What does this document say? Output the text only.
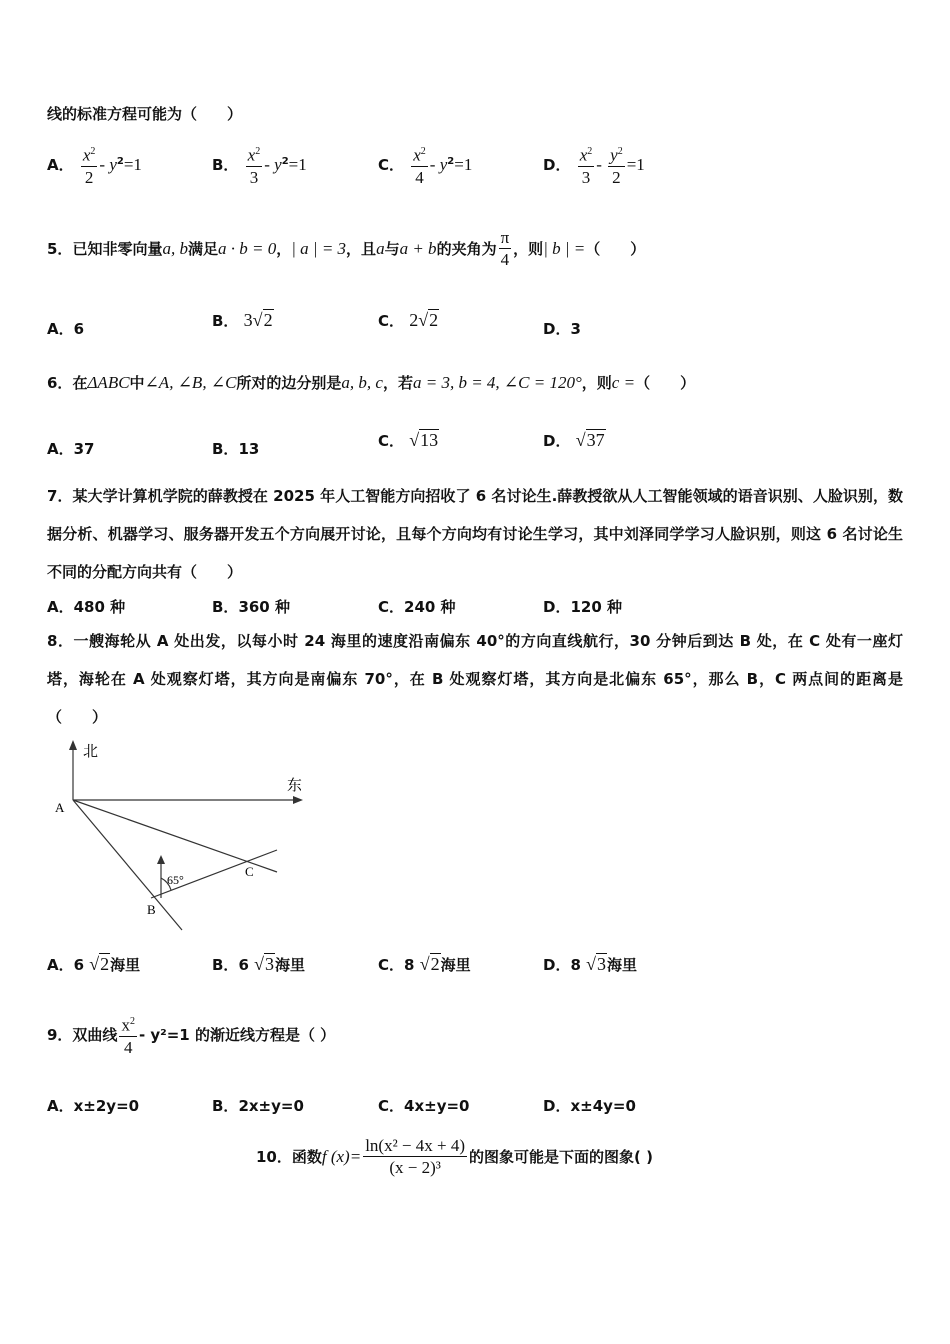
线的标准方程可能为（　　）
A． $\frac{x^2}{2} - y^2=1$	B． $\frac{x^2}{3} - y^2=1$	C． $\frac{x^2}{4} - y^2=1$	D． $\frac{x^2}{3} - \frac{y^2}{2} =1$
5．已知非零向量a, b满足a · b = 0，| a | = 3，且a与a + b的夹角为 $\frac{\pi}{4}$ ，则| b | =（　　）
A．6	B． 3√2	C． 2√2	D．3
6．在ΔABC中∠A, ∠B, ∠C所对的边分别是a, b, c，若a = 3, b = 4, ∠C = 120°，则c =（　　）
A．37	B．13	C． √13	D． √37
7．某大学计算机学院的薛教授在 2025 年人工智能方向招收了 6 名讨论生.薛教授欲从人工智能领域的语音识别、人脸识别，数据分析、机器学习、服务器开发五个方向展开讨论，且每个方向均有讨论生学习，其中刘泽同学学习人脸识别，则这 6 名讨论生不同的分配方向共有（　　）
A．480 种	B．360 种	C．240 种	D．120 种
8．一艘海轮从 A 处出发，以每小时 24 海里的速度沿南偏东 40°的方向直线航行，30 分钟后到达 B 处，在 C 处有一座灯塔，海轮在 A 处观察灯塔，其方向是南偏东 70°，在 B 处观察灯塔，其方向是北偏东 65°，那么 B，C 两点间的距离是（　　）
北
东
A
B
C
65°
A．6 √2海里	B．6 √3海里	C．8 √2海里	D．8 √3海里
9．双曲线 $\frac{x^2}{4} - y^2=1$ 的渐近线方程是（ ）
A．x±2y=0	B．2x±y=0	C．4x±y=0	D．x±4y=0
10．函数f $(x)= \frac{\text{ln(x² − 4x + 4)}}{\text{(x − 2)³}}$ 的图象可能是下面的图象( )
